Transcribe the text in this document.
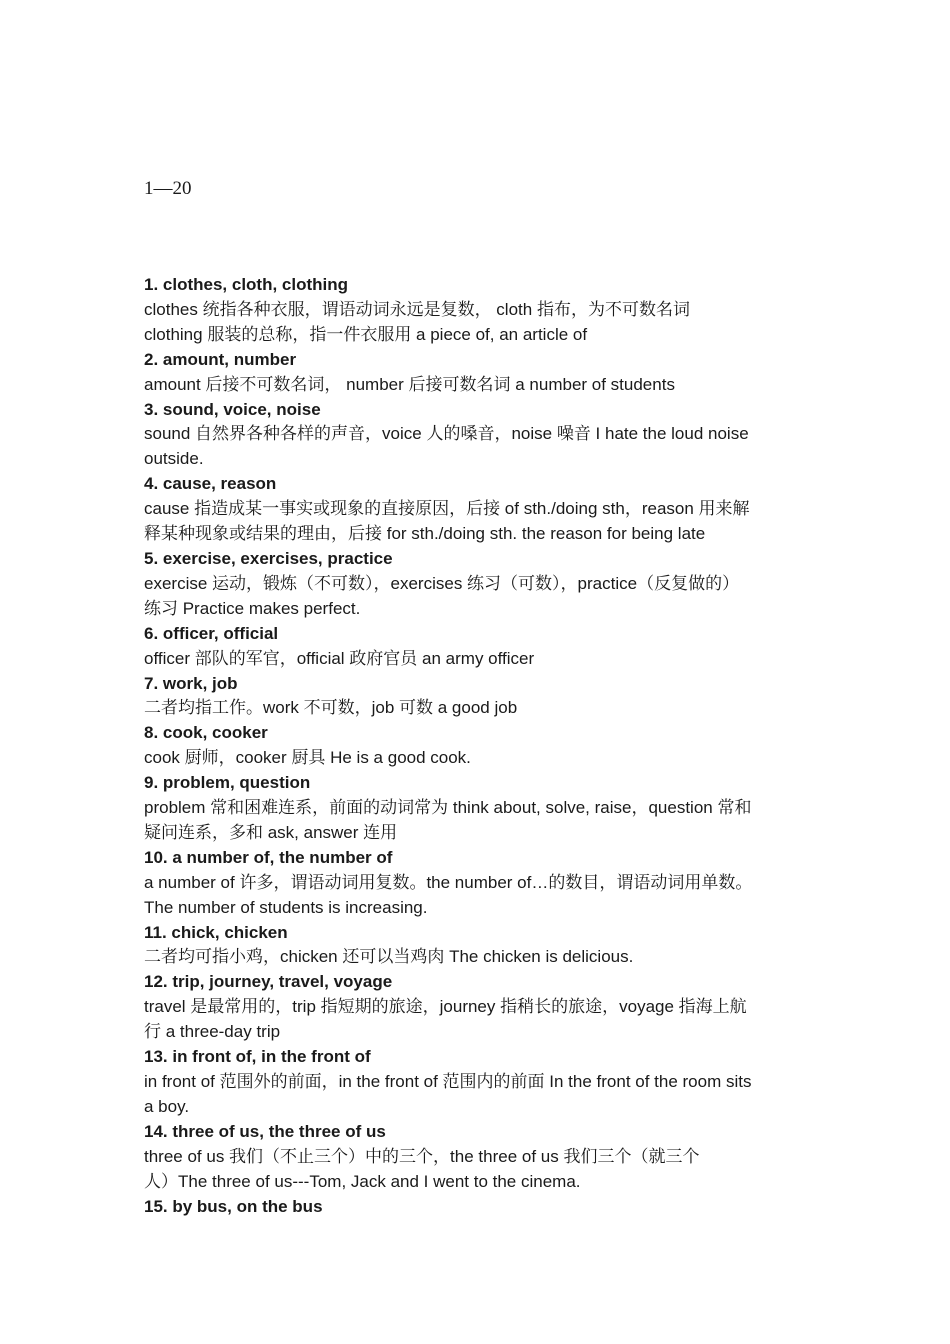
1—20
1. clothes, cloth, clothing
clothes 统指各种衣服，谓语动词永远是复数， cloth 指布，为不可数名词
clothing 服装的总称，指一件衣服用 a piece of, an article of
2. amount, number
amount 后接不可数名词， number 后接可数名词 a number of students
3. sound, voice, noise
sound 自然界各种各样的声音，voice 人的嗓音，noise 噪音 I hate the loud noise
outside.
4. cause, reason
cause 指造成某一事实或现象的直接原因，后接 of sth./doing sth，reason 用来解
释某种现象或结果的理由，后接 for sth./doing sth. the reason for being late
5. exercise, exercises, practice
exercise 运动，锻炼（不可数），exercises 练习（可数），practice（反复做的）
练习 Practice makes perfect.
6. officer, official
officer 部队的军官，official 政府官员 an army officer
7. work, job
二者均指工作。work 不可数，job 可数 a good job
8. cook, cooker
cook 厨师，cooker 厨具 He is a good cook.
9. problem, question
problem 常和困难连系，前面的动词常为 think about, solve, raise，question 常和
疑问连系，多和 ask, answer 连用
10. a number of, the number of
a number of 许多，谓语动词用复数。the number of…的数目，谓语动词用单数。
The number of students is increasing.
11. chick, chicken
二者均可指小鸡，chicken 还可以当鸡肉 The chicken is delicious.
12. trip, journey, travel, voyage
travel 是最常用的，trip 指短期的旅途，journey 指稍长的旅途，voyage 指海上航
行 a three-day trip
13. in front of, in the front of
in front of 范围外的前面，in the front of 范围内的前面 In the front of the room sits
a boy.
14. three of us, the three of us
three of us 我们（不止三个）中的三个，the three of us 我们三个（就三个
人）The three of us---Tom, Jack and I went to the cinema.
15. by bus, on the bus
